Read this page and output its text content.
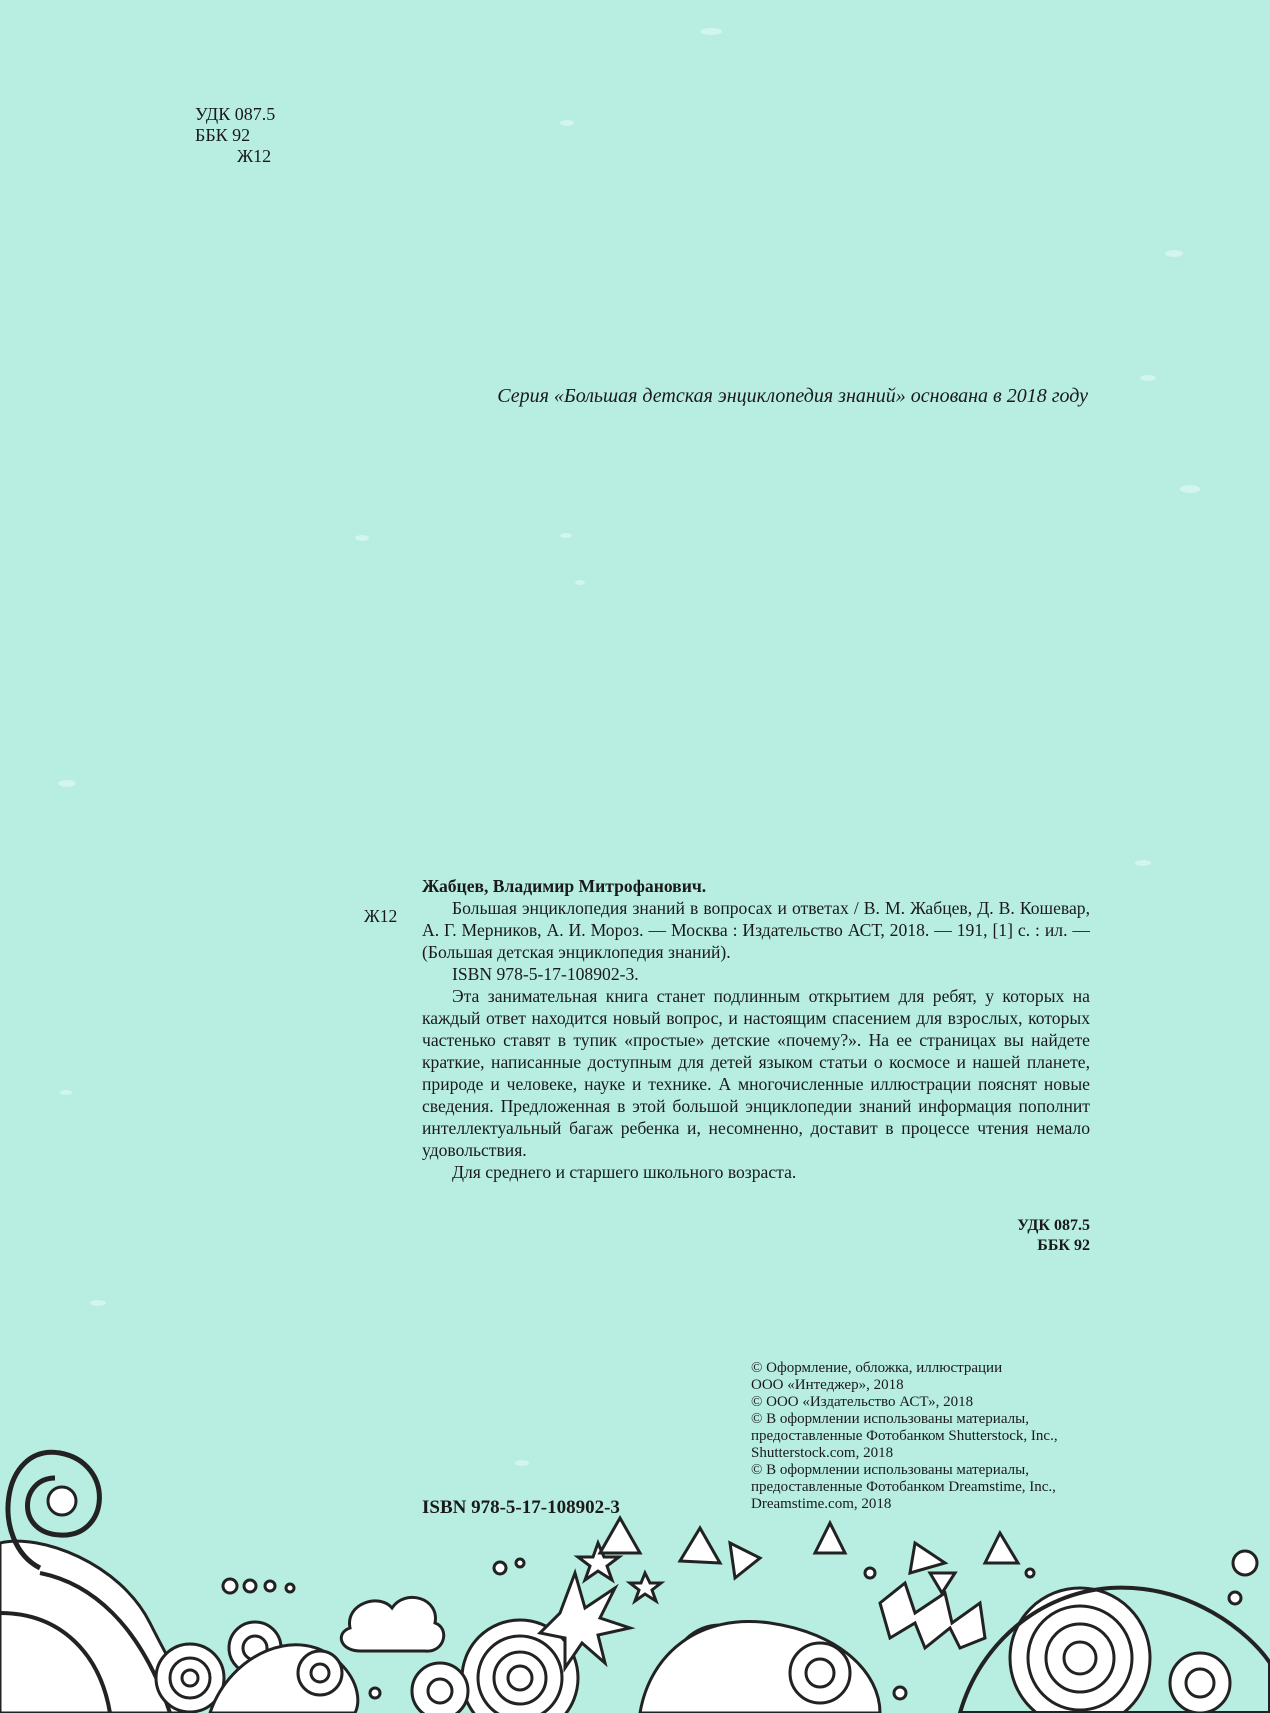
УДК 087.5
ББК 92
Ж12
Серия «Большая детская энциклопедия знаний» основана в 2018 году
Ж12

Жабцев, Владимир Митрофанович.

Большая энциклопедия знаний в вопросах и ответах / В. М. Жабцев, Д. В. Кошевар, А. Г. Мерников, А. И. Мороз. — Москва : Издательство АСТ, 2018. — 191, [1] с. : ил. — (Большая детская энциклопедия знаний).

ISBN 978-5-17-108902-3.

Эта занимательная книга станет подлинным открытием для ребят, у которых на каждый ответ находится новый вопрос, и настоящим спасением для взрослых, которых частенько ставят в тупик «простые» детские «почему?». На ее страницах вы найдете краткие, написанные доступным для детей языком статьи о космосе и нашей планете, природе и человеке, науке и технике. А многочисленные иллюстрации пояснят новые сведения. Предложенная в этой большой энциклопедии знаний информация пополнит интеллектуальный багаж ребенка и, несомненно, доставит в процессе чтения немало удовольствия.

Для среднего и старшего школьного возраста.

УДК 087.5
ББК 92
© Оформление, обложка, иллюстрации
ООО «Интеджер», 2018
© ООО «Издательство АСТ», 2018
© В оформлении использованы материалы,
предоставленные Фотобанком Shutterstock, Inc.,
Shutterstock.com, 2018
© В оформлении использованы материалы,
предоставленные Фотобанком Dreamstime, Inc.,
Dreamstime.com, 2018
ISBN 978-5-17-108902-3
